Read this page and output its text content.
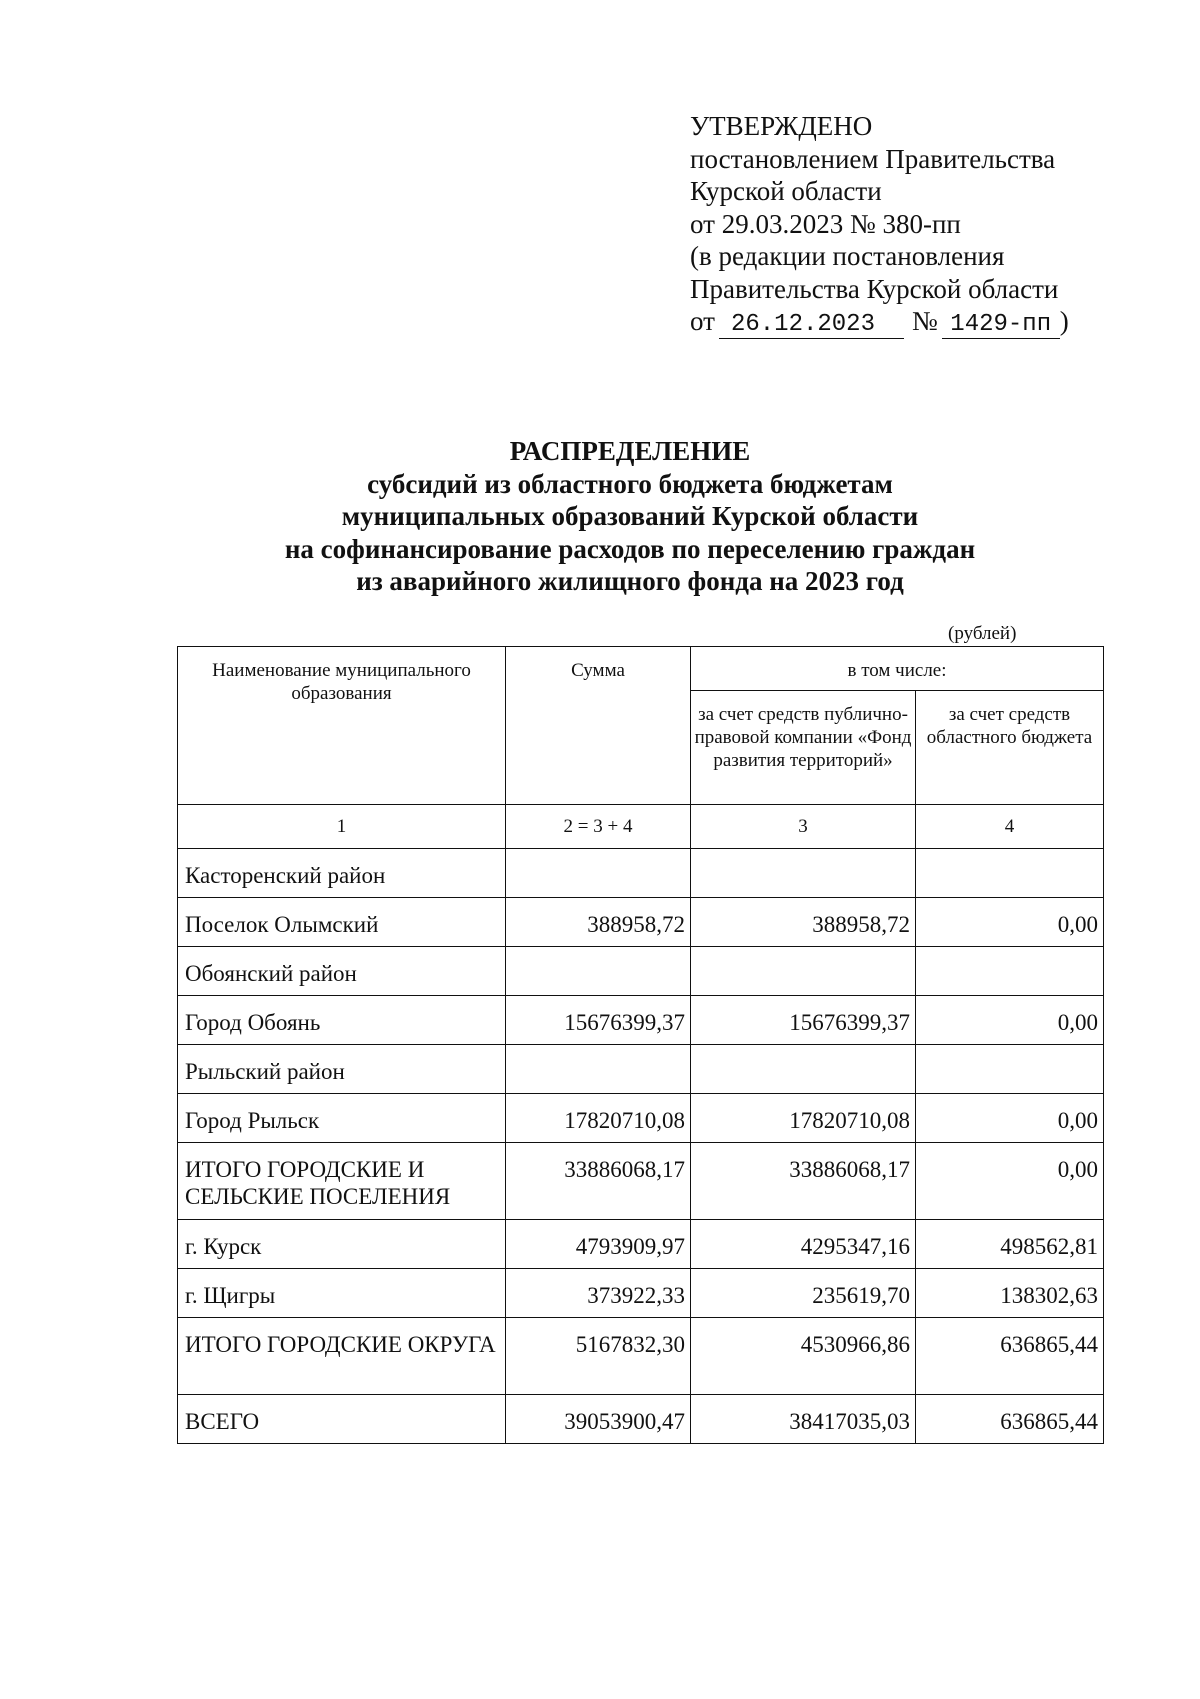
УТВЕРЖДЕНО
постановлением Правительства
Курской области
от 29.03.2023 № 380-пп
(в редакции постановления
Правительства Курской области
от 26.12.2023 № 1429-пп )
РАСПРЕДЕЛЕНИЕ
субсидий из областного бюджета бюджетам
муниципальных образований Курской области
на софинансирование расходов по переселению граждан
из аварийного жилищного фонда на 2023 год
(рублей)
Наименование муниципального образования	Сумма	в том числе:	
		за счет средств публично-правовой компании «Фонд развития территорий»	за счет средств областного бюджета
1	2 = 3 + 4	3	4
Касторенский район			
Поселок Олымский	388958,72	388958,72	0,00
Обоянский район			
Город Обоянь	15676399,37	15676399,37	0,00
Рыльский район			
Город Рыльск	17820710,08	17820710,08	0,00
ИТОГО ГОРОДСКИЕ И СЕЛЬСКИЕ ПОСЕЛЕНИЯ	33886068,17	33886068,17	0,00
г. Курск	4793909,97	4295347,16	498562,81
г. Щигры	373922,33	235619,70	138302,63
ИТОГО ГОРОДСКИЕ ОКРУГА	5167832,30	4530966,86	636865,44
ВСЕГО	39053900,47	38417035,03	636865,44
